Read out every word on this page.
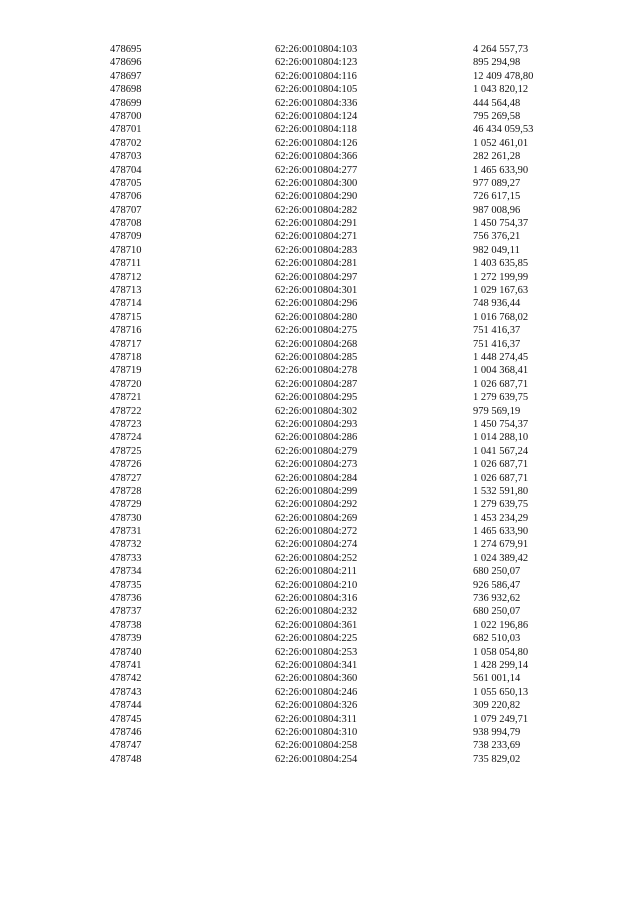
478695	62:26:0010804:103	4 264 557,73
478696	62:26:0010804:123	895 294,98
478697	62:26:0010804:116	12 409 478,80
478698	62:26:0010804:105	1 043 820,12
478699	62:26:0010804:336	444 564,48
478700	62:26:0010804:124	795 269,58
478701	62:26:0010804:118	46 434 059,53
478702	62:26:0010804:126	1 052 461,01
478703	62:26:0010804:366	282 261,28
478704	62:26:0010804:277	1 465 633,90
478705	62:26:0010804:300	977 089,27
478706	62:26:0010804:290	726 617,15
478707	62:26:0010804:282	987 008,96
478708	62:26:0010804:291	1 450 754,37
478709	62:26:0010804:271	756 376,21
478710	62:26:0010804:283	982 049,11
478711	62:26:0010804:281	1 403 635,85
478712	62:26:0010804:297	1 272 199,99
478713	62:26:0010804:301	1 029 167,63
478714	62:26:0010804:296	748 936,44
478715	62:26:0010804:280	1 016 768,02
478716	62:26:0010804:275	751 416,37
478717	62:26:0010804:268	751 416,37
478718	62:26:0010804:285	1 448 274,45
478719	62:26:0010804:278	1 004 368,41
478720	62:26:0010804:287	1 026 687,71
478721	62:26:0010804:295	1 279 639,75
478722	62:26:0010804:302	979 569,19
478723	62:26:0010804:293	1 450 754,37
478724	62:26:0010804:286	1 014 288,10
478725	62:26:0010804:279	1 041 567,24
478726	62:26:0010804:273	1 026 687,71
478727	62:26:0010804:284	1 026 687,71
478728	62:26:0010804:299	1 532 591,80
478729	62:26:0010804:292	1 279 639,75
478730	62:26:0010804:269	1 453 234,29
478731	62:26:0010804:272	1 465 633,90
478732	62:26:0010804:274	1 274 679,91
478733	62:26:0010804:252	1 024 389,42
478734	62:26:0010804:211	680 250,07
478735	62:26:0010804:210	926 586,47
478736	62:26:0010804:316	736 932,62
478737	62:26:0010804:232	680 250,07
478738	62:26:0010804:361	1 022 196,86
478739	62:26:0010804:225	682 510,03
478740	62:26:0010804:253	1 058 054,80
478741	62:26:0010804:341	1 428 299,14
478742	62:26:0010804:360	561 001,14
478743	62:26:0010804:246	1 055 650,13
478744	62:26:0010804:326	309 220,82
478745	62:26:0010804:311	1 079 249,71
478746	62:26:0010804:310	938 994,79
478747	62:26:0010804:258	738 233,69
478748	62:26:0010804:254	735 829,02
